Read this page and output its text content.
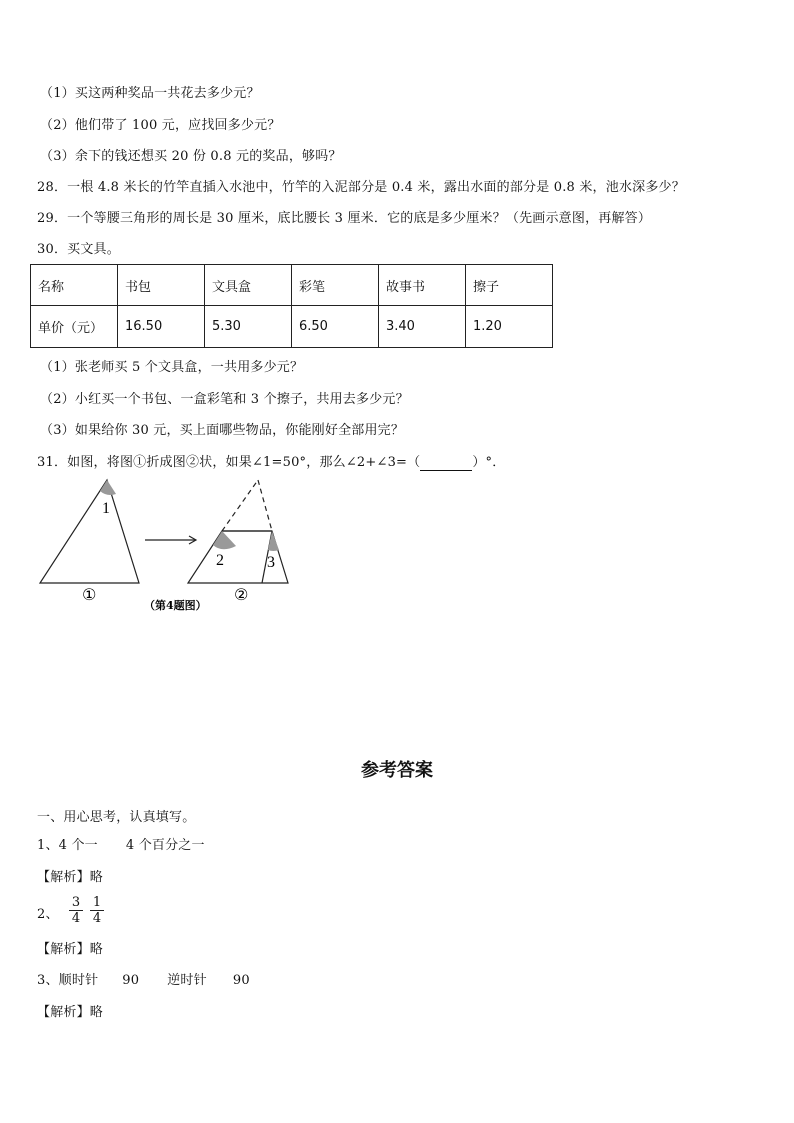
（1）买这两种奖品一共花去多少元？
（2）他们带了 100 元，应找回多少元？
（3）余下的钱还想买 20 份 0.8 元的奖品，够吗？
28．一根 4.8 米长的竹竿直插入水池中，竹竿的入泥部分是 0.4 米，露出水面的部分是 0.8 米，池水深多少？
29．一个等腰三角形的周长是 30 厘米，底比腰长 3 厘米．它的底是多少厘米？（先画示意图，再解答）
30．买文具。
名称	书包	文具盒	彩笔	故事书	擦子
单价（元）	16.50	5.30	6.50	3.40	1.20
（1）张老师买 5 个文具盒，一共用多少元？
（2）小红买一个书包、一盒彩笔和 3 个擦子，共用去多少元？
（3）如果给你 30 元，买上面哪些物品，你能刚好全部用完？
31．如图，将图①折成图②状，如果∠1=50°，那么∠2+∠3=（	）°．
1
2	3
①	②
（第4题图）
参考答案
一、用心思考，认真填写。
1、4 个一 4 个百分之一
【解析】略
2、 $\frac{3}{4} \frac{1}{4}$
【解析】略
3、顺时针 90 逆时针 90
【解析】略
